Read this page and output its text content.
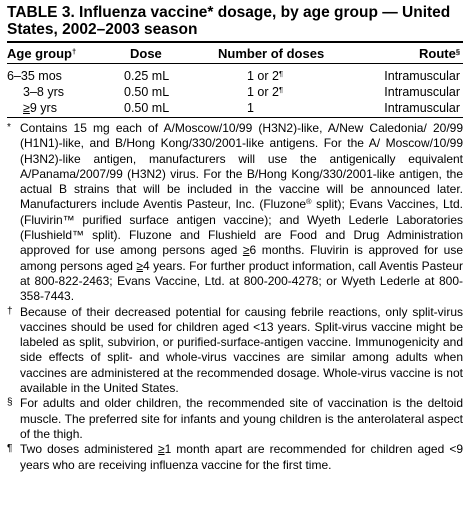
TABLE 3. Influenza vaccine* dosage, by age group — United States, 2002–2003 season
Age group†	Dose	Number of doses	Route§
6–35 mos	0.25 mL	1 or 2¶	Intramuscular
3–8 yrs	0.50 mL	1 or 2¶	Intramuscular
≥9 yrs	0.50 mL	1	Intramuscular
* Contains 15 mg each of A/Moscow/10/99 (H3N2)-like, A/New Caledonia/ 20/99 (H1N1)-like, and B/Hong Kong/330/2001-like antigens. For the A/ Moscow/10/99 (H3N2)-like antigen, manufacturers will use the antigenically equivalent A/Panama/2007/99 (H3N2) virus. For the B/Hong Kong/330/2001-like antigen, the actual B strains that will be included in the vaccine will be announced later. Manufacturers include Aventis Pasteur, Inc. (Fluzone® split); Evans Vaccines, Ltd. (Fluvirin™ purified surface antigen vaccine); and Wyeth Lederle Laboratories (Flushield™ split). Fluzone and Flushield are Food and Drug Administration approved for use among persons aged ≥6 months. Fluvirin is approved for use among persons aged ≥4 years. For further product information, call Aventis Pasteur at 800-822-2463; Evans Vaccine, Ltd. at 800-200-4278; or Wyeth Lederle at 800-358-7443.
† Because of their decreased potential for causing febrile reactions, only split-virus vaccines should be used for children aged <13 years. Split-virus vaccine might be labeled as split, subvirion, or purified-surface-antigen vaccine. Immunogenicity and side effects of split- and whole-virus vaccines are similar among adults when vaccines are administered at the recommended dosage. Whole-virus vaccine is not available in the United States.
§ For adults and older children, the recommended site of vaccination is the deltoid muscle. The preferred site for infants and young children is the anterolateral aspect of the thigh.
¶ Two doses administered ≥1 month apart are recommended for children aged <9 years who are receiving influenza vaccine for the first time.
